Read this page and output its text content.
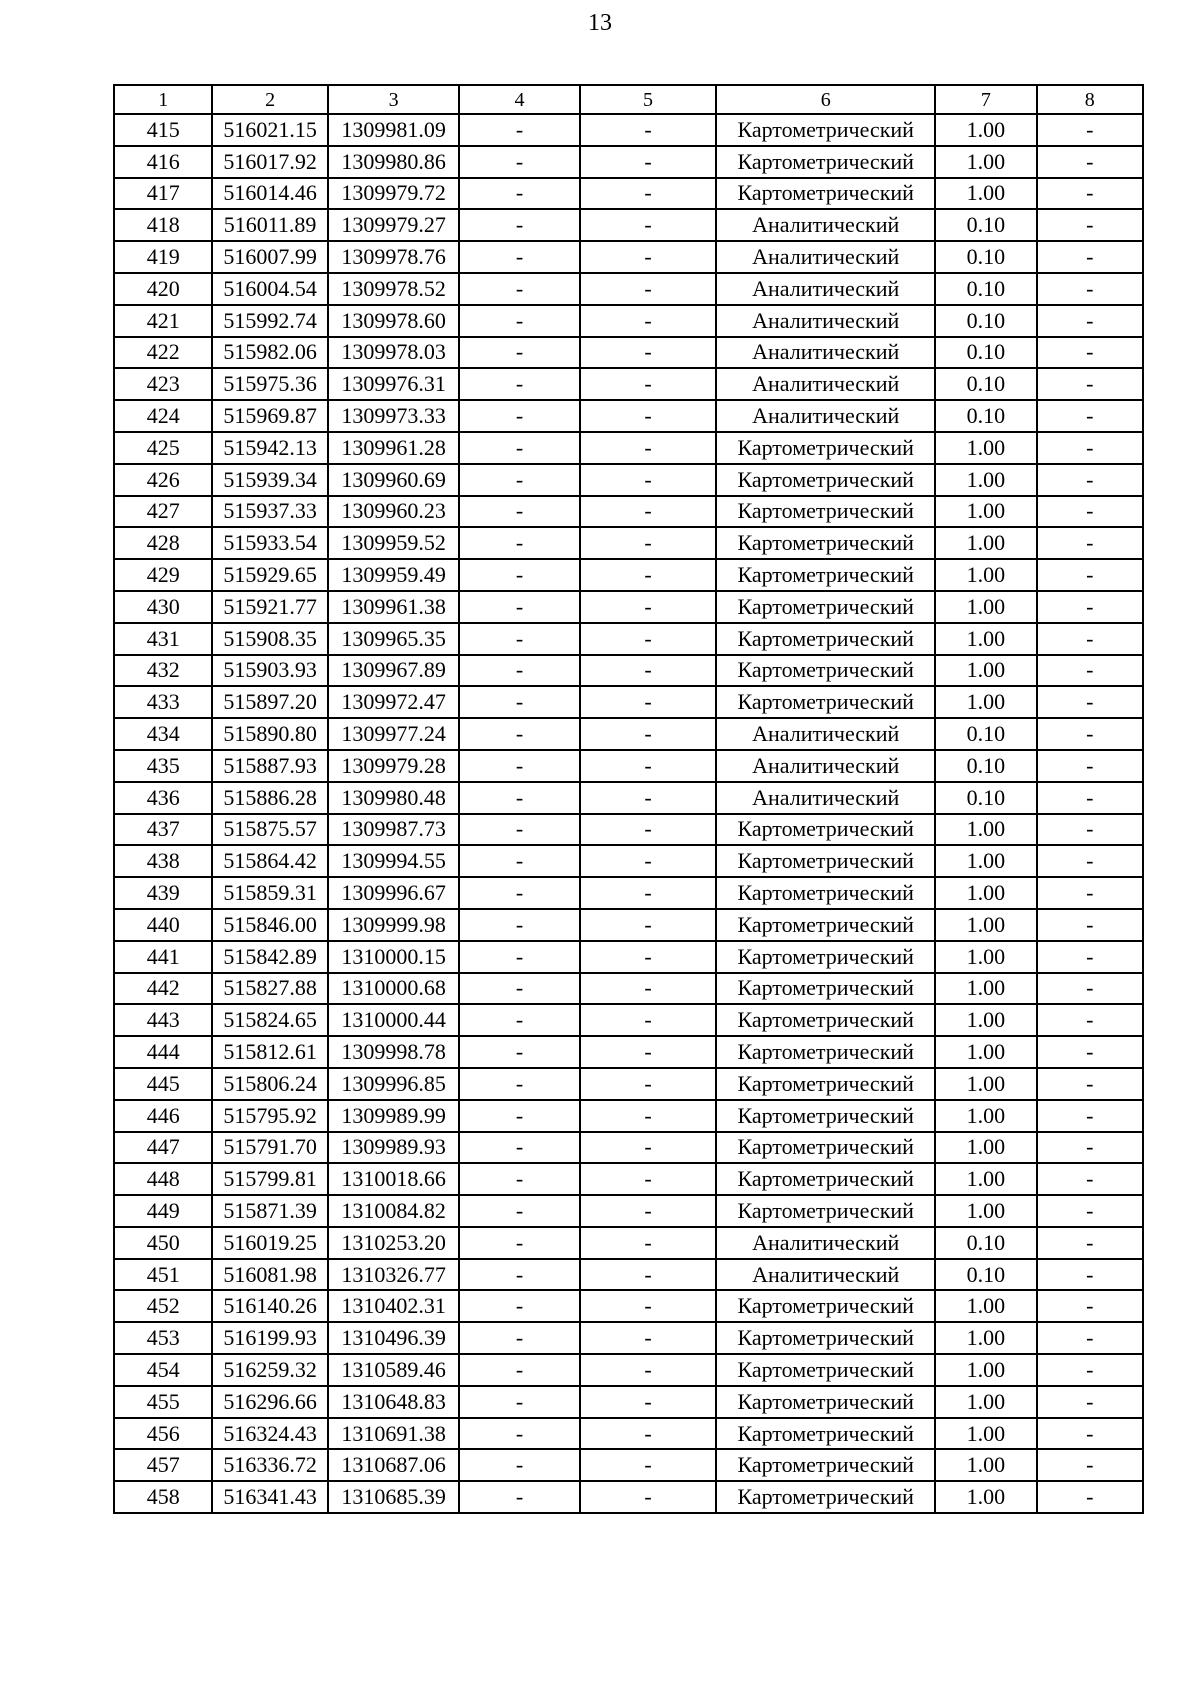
13
1	2	3	4	5	6	7	8
415	516021.15	1309981.09	-	-	Картометрический	1.00	-
416	516017.92	1309980.86	-	-	Картометрический	1.00	-
417	516014.46	1309979.72	-	-	Картометрический	1.00	-
418	516011.89	1309979.27	-	-	Аналитический	0.10	-
419	516007.99	1309978.76	-	-	Аналитический	0.10	-
420	516004.54	1309978.52	-	-	Аналитический	0.10	-
421	515992.74	1309978.60	-	-	Аналитический	0.10	-
422	515982.06	1309978.03	-	-	Аналитический	0.10	-
423	515975.36	1309976.31	-	-	Аналитический	0.10	-
424	515969.87	1309973.33	-	-	Аналитический	0.10	-
425	515942.13	1309961.28	-	-	Картометрический	1.00	-
426	515939.34	1309960.69	-	-	Картометрический	1.00	-
427	515937.33	1309960.23	-	-	Картометрический	1.00	-
428	515933.54	1309959.52	-	-	Картометрический	1.00	-
429	515929.65	1309959.49	-	-	Картометрический	1.00	-
430	515921.77	1309961.38	-	-	Картометрический	1.00	-
431	515908.35	1309965.35	-	-	Картометрический	1.00	-
432	515903.93	1309967.89	-	-	Картометрический	1.00	-
433	515897.20	1309972.47	-	-	Картометрический	1.00	-
434	515890.80	1309977.24	-	-	Аналитический	0.10	-
435	515887.93	1309979.28	-	-	Аналитический	0.10	-
436	515886.28	1309980.48	-	-	Аналитический	0.10	-
437	515875.57	1309987.73	-	-	Картометрический	1.00	-
438	515864.42	1309994.55	-	-	Картометрический	1.00	-
439	515859.31	1309996.67	-	-	Картометрический	1.00	-
440	515846.00	1309999.98	-	-	Картометрический	1.00	-
441	515842.89	1310000.15	-	-	Картометрический	1.00	-
442	515827.88	1310000.68	-	-	Картометрический	1.00	-
443	515824.65	1310000.44	-	-	Картометрический	1.00	-
444	515812.61	1309998.78	-	-	Картометрический	1.00	-
445	515806.24	1309996.85	-	-	Картометрический	1.00	-
446	515795.92	1309989.99	-	-	Картометрический	1.00	-
447	515791.70	1309989.93	-	-	Картометрический	1.00	-
448	515799.81	1310018.66	-	-	Картометрический	1.00	-
449	515871.39	1310084.82	-	-	Картометрический	1.00	-
450	516019.25	1310253.20	-	-	Аналитический	0.10	-
451	516081.98	1310326.77	-	-	Аналитический	0.10	-
452	516140.26	1310402.31	-	-	Картометрический	1.00	-
453	516199.93	1310496.39	-	-	Картометрический	1.00	-
454	516259.32	1310589.46	-	-	Картометрический	1.00	-
455	516296.66	1310648.83	-	-	Картометрический	1.00	-
456	516324.43	1310691.38	-	-	Картометрический	1.00	-
457	516336.72	1310687.06	-	-	Картометрический	1.00	-
458	516341.43	1310685.39	-	-	Картометрический	1.00	-
